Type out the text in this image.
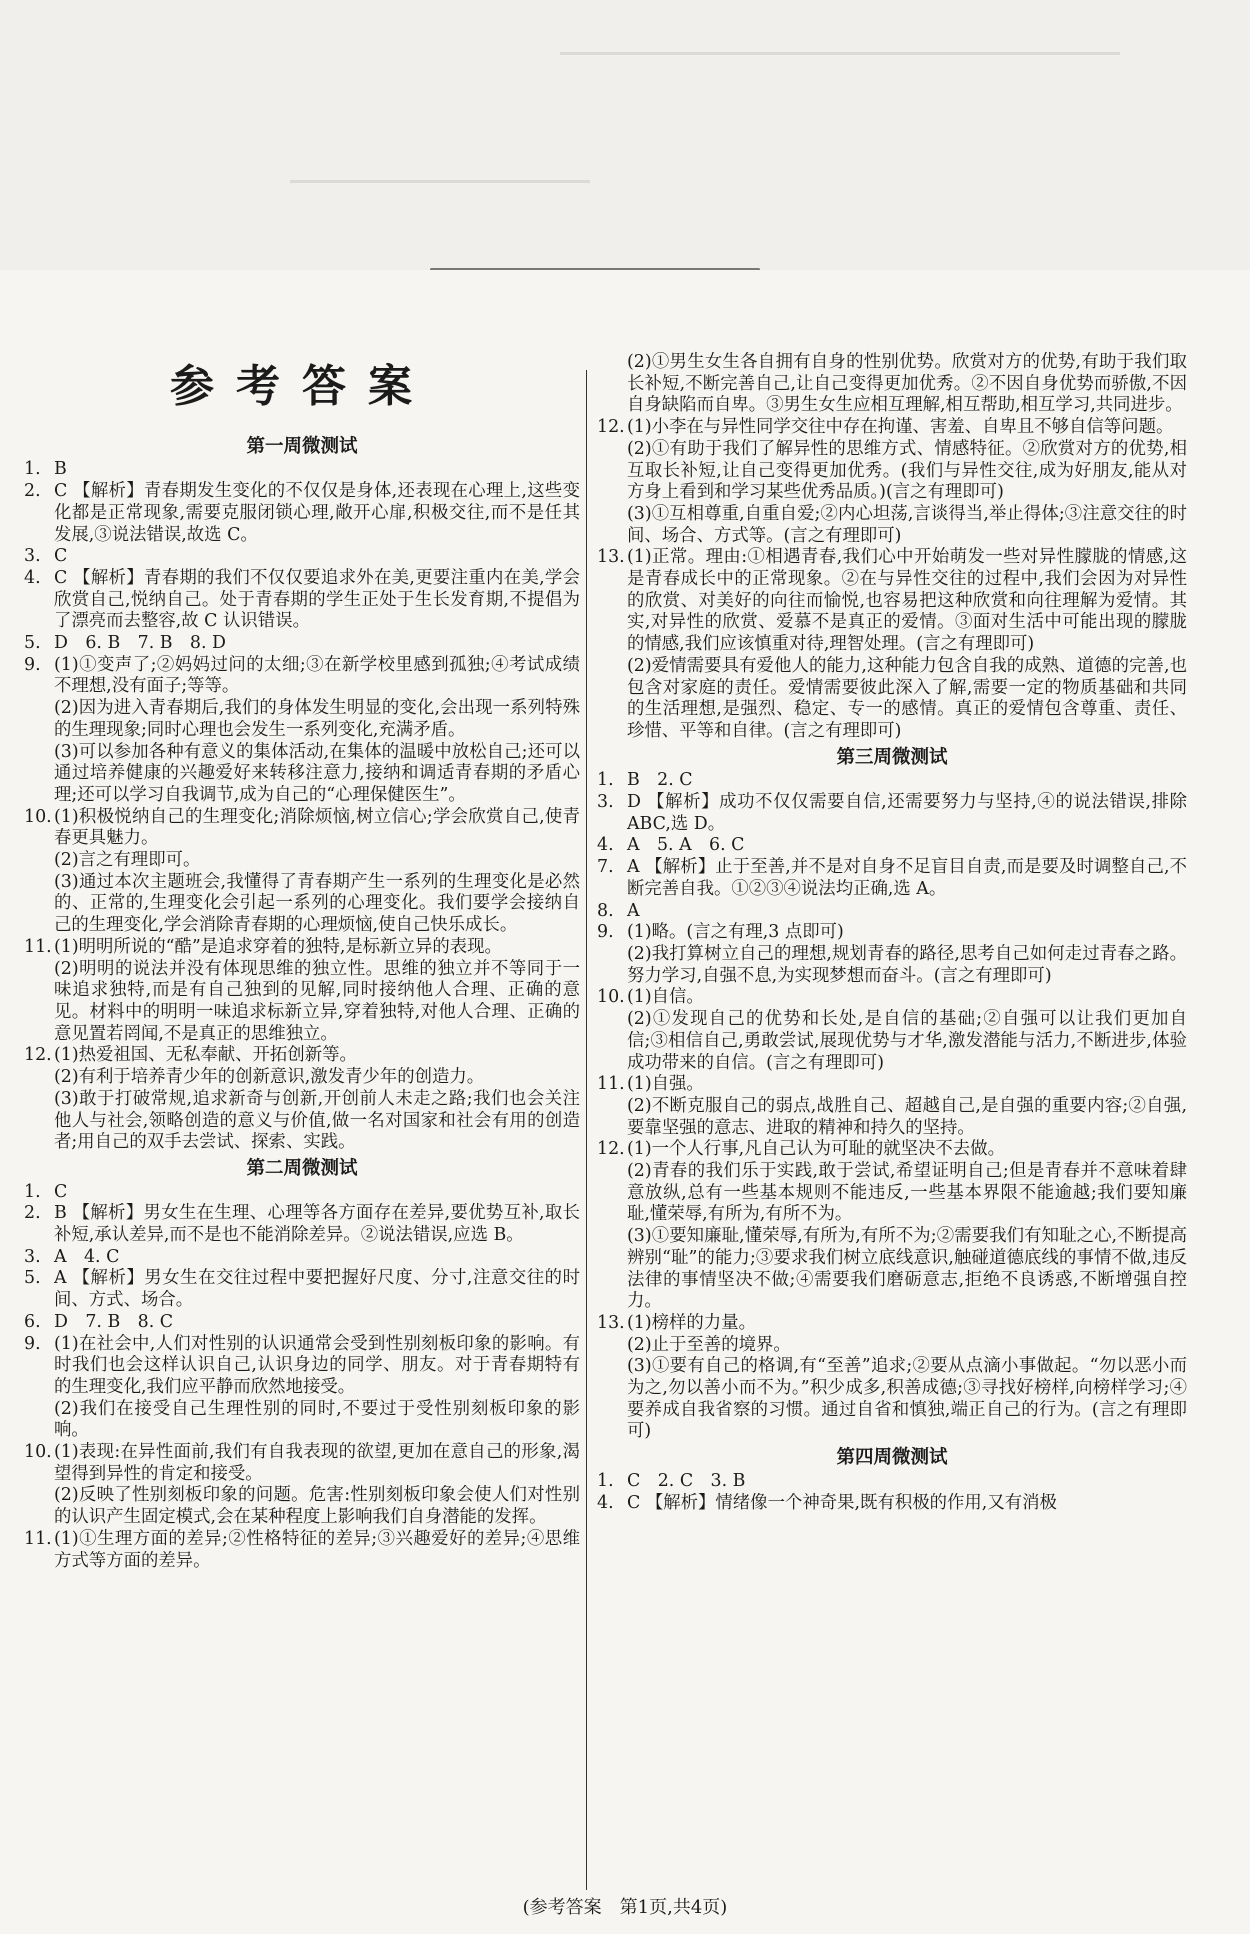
参考答案
第一周微测试
1. B
2. C 【解析】青春期发生变化的不仅仅是身体,还表现在心理上,这些变化都是正常现象,需要克服闭锁心理,敞开心扉,积极交往,而不是任其发展,③说法错误,故选 C。
3. C
4. C 【解析】青春期的我们不仅仅要追求外在美,更要注重内在美,学会欣赏自己,悦纳自己。处于青春期的学生正处于生长发育期,不提倡为了漂亮而去整容,故 C 认识错误。
5. D　6. B　7. B　8. D
9. (1)①变声了;②妈妈过问的太细;③在新学校里感到孤独;④考试成绩不理想,没有面子;等等。
(2)因为进入青春期后,我们的身体发生明显的变化,会出现一系列特殊的生理现象;同时心理也会发生一系列变化,充满矛盾。
(3)可以参加各种有意义的集体活动,在集体的温暖中放松自己;还可以通过培养健康的兴趣爱好来转移注意力,接纳和调适青春期的矛盾心理;还可以学习自我调节,成为自己的“心理保健医生”。
10. (1)积极悦纳自己的生理变化;消除烦恼,树立信心;学会欣赏自己,使青春更具魅力。
(2)言之有理即可。
(3)通过本次主题班会,我懂得了青春期产生一系列的生理变化是必然的、正常的,生理变化会引起一系列的心理变化。我们要学会接纳自己的生理变化,学会消除青春期的心理烦恼,使自己快乐成长。
11. (1)明明所说的“酷”是追求穿着的独特,是标新立异的表现。
(2)明明的说法并没有体现思维的独立性。思维的独立并不等同于一味追求独特,而是有自己独到的见解,同时接纳他人合理、正确的意见。材料中的明明一味追求标新立异,穿着独特,对他人合理、正确的意见置若罔闻,不是真正的思维独立。
12. (1)热爱祖国、无私奉献、开拓创新等。
(2)有利于培养青少年的创新意识,激发青少年的创造力。
(3)敢于打破常规,追求新奇与创新,开创前人未走之路;我们也会关注他人与社会,领略创造的意义与价值,做一名对国家和社会有用的创造者;用自己的双手去尝试、探索、实践。
第二周微测试
1. C
2. B 【解析】男女生在生理、心理等各方面存在差异,要优势互补,取长补短,承认差异,而不是也不能消除差异。②说法错误,应选 B。
3. A　4. C
5. A 【解析】男女生在交往过程中要把握好尺度、分寸,注意交往的时间、方式、场合。
6. D　7. B　8. C
9. (1)在社会中,人们对性别的认识通常会受到性别刻板印象的影响。有时我们也会这样认识自己,认识身边的同学、朋友。对于青春期特有的生理变化,我们应平静而欣然地接受。
(2)我们在接受自己生理性别的同时,不要过于受性别刻板印象的影响。
10. (1)表现:在异性面前,我们有自我表现的欲望,更加在意自己的形象,渴望得到异性的肯定和接受。
(2)反映了性别刻板印象的问题。危害:性别刻板印象会使人们对性别的认识产生固定模式,会在某种程度上影响我们自身潜能的发挥。
11. (1)①生理方面的差异;②性格特征的差异;③兴趣爱好的差异;④思维方式等方面的差异。
(2)①男生女生各自拥有自身的性别优势。欣赏对方的优势,有助于我们取长补短,不断完善自己,让自己变得更加优秀。②不因自身优势而骄傲,不因自身缺陷而自卑。③男生女生应相互理解,相互帮助,相互学习,共同进步。
12. (1)小李在与异性同学交往中存在拘谨、害羞、自卑且不够自信等问题。
(2)①有助于我们了解异性的思维方式、情感特征。②欣赏对方的优势,相互取长补短,让自己变得更加优秀。(我们与异性交往,成为好朋友,能从对方身上看到和学习某些优秀品质。)(言之有理即可)
(3)①互相尊重,自重自爱;②内心坦荡,言谈得当,举止得体;③注意交往的时间、场合、方式等。(言之有理即可)
13. (1)正常。理由:①相遇青春,我们心中开始萌发一些对异性朦胧的情感,这是青春成长中的正常现象。②在与异性交往的过程中,我们会因为对异性的欣赏、对美好的向往而愉悦,也容易把这种欣赏和向往理解为爱情。其实,对异性的欣赏、爱慕不是真正的爱情。③面对生活中可能出现的朦胧的情感,我们应该慎重对待,理智处理。(言之有理即可)
(2)爱情需要具有爱他人的能力,这种能力包含自我的成熟、道德的完善,也包含对家庭的责任。爱情需要彼此深入了解,需要一定的物质基础和共同的生活理想,是强烈、稳定、专一的感情。真正的爱情包含尊重、责任、珍惜、平等和自律。(言之有理即可)
第三周微测试
1. B　2. C
3. D 【解析】成功不仅仅需要自信,还需要努力与坚持,④的说法错误,排除 ABC,选 D。
4. A　5. A　6. C
7. A 【解析】止于至善,并不是对自身不足盲目自责,而是要及时调整自己,不断完善自我。①②③④说法均正确,选 A。
8. A
9. (1)略。(言之有理,3 点即可)
(2)我打算树立自己的理想,规划青春的路径,思考自己如何走过青春之路。努力学习,自强不息,为实现梦想而奋斗。(言之有理即可)
10. (1)自信。
(2)①发现自己的优势和长处,是自信的基础;②自强可以让我们更加自信;③相信自己,勇敢尝试,展现优势与才华,激发潜能与活力,不断进步,体验成功带来的自信。(言之有理即可)
11. (1)自强。
(2)不断克服自己的弱点,战胜自己、超越自己,是自强的重要内容;②自强,要靠坚强的意志、进取的精神和持久的坚持。
12. (1)一个人行事,凡自己认为可耻的就坚决不去做。
(2)青春的我们乐于实践,敢于尝试,希望证明自己;但是青春并不意味着肆意放纵,总有一些基本规则不能违反,一些基本界限不能逾越;我们要知廉耻,懂荣辱,有所为,有所不为。
(3)①要知廉耻,懂荣辱,有所为,有所不为;②需要我们有知耻之心,不断提高辨别“耻”的能力;③要求我们树立底线意识,触碰道德底线的事情不做,违反法律的事情坚决不做;④需要我们磨砺意志,拒绝不良诱惑,不断增强自控力。
13. (1)榜样的力量。
(2)止于至善的境界。
(3)①要有自己的格调,有“至善”追求;②要从点滴小事做起。“勿以恶小而为之,勿以善小而不为。”积少成多,积善成德;③寻找好榜样,向榜样学习;④要养成自我省察的习惯。通过自省和慎独,端正自己的行为。(言之有理即可)
第四周微测试
1. C　2. C　3. B
4. C 【解析】情绪像一个神奇果,既有积极的作用,又有消极
(参考答案　第1页,共4页)
